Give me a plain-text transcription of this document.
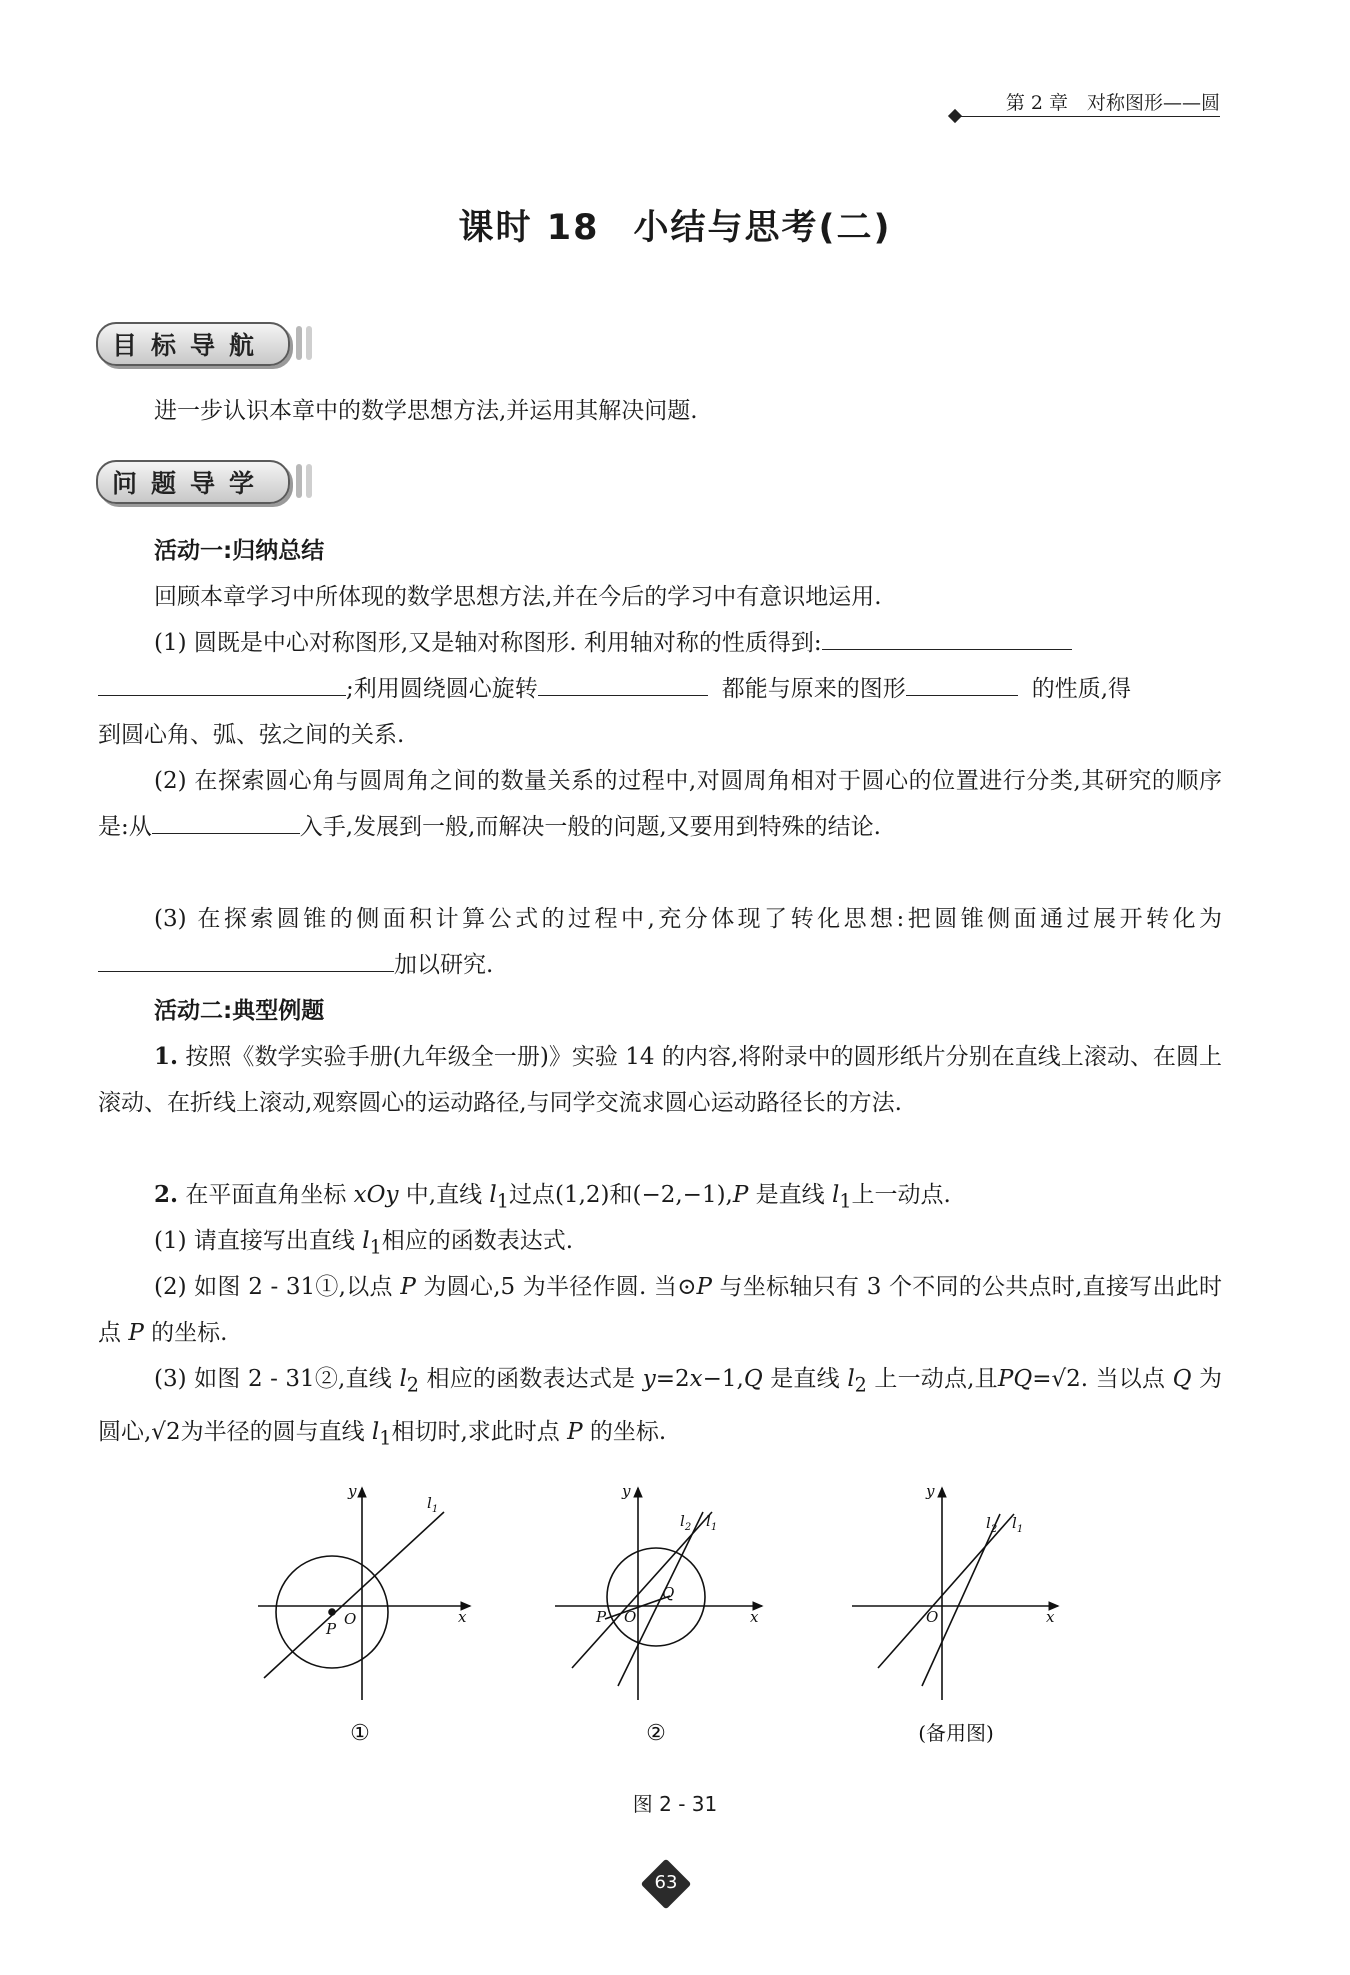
第 2 章　对称图形——圆
课时 18 小结与思考(二)
目标导航
进一步认识本章中的数学思想方法,并运用其解决问题.
问题导学
活动一:归纳总结
回顾本章学习中所体现的数学思想方法,并在今后的学习中有意识地运用.
(1) 圆既是中心对称图形,又是轴对称图形. 利用轴对称的性质得到:
;利用圆绕圆心旋转	都能与原来的图形	的性质,得
到圆心角、弧、弦之间的关系.
(2) 在探索圆心角与圆周角之间的数量关系的过程中,对圆周角相对于圆心的位置进行分类,其研究的顺序是:从	入手,发展到一般,而解决一般的问题,又要用到特殊的结论.
(3) 在探索圆锥的侧面积计算公式的过程中,充分体现了转化思想:把圆锥侧面通过展开转化为加以研究.
活动二:典型例题
1. 按照《数学实验手册(九年级全一册)》实验 14 的内容,将附录中的圆形纸片分别在直线上滚动、在圆上滚动、在折线上滚动,观察圆心的运动路径,与同学交流求圆心运动路径长的方法.
2. 在平面直角坐标 xOy 中,直线 $l_1$过点(1,2)和(−2,−1),P 是直线 $l_1$上一动点.
(1) 请直接写出直线 $l_1$相应的函数表达式.
(2) 如图 2 - 31①,以点 P 为圆心,5 为半径作圆. 当⊙P 与坐标轴只有 3 个不同的公共点时,直接写出此时点 P 的坐标.
(3) 如图 2 - 31②,直线 $l_2$ 相应的函数表达式是 y=2x−1,Q 是直线 $l_2$ 上一动点,且PQ=√2. 当以点 Q 为圆心,√2为半径的圆与直线 $l_1$相切时,求此时点 P 的坐标.
x
y
O
P
$l_1$
x
y
O
P
Q
$l_2$ $l_1$
x
y
O
$l_2$ $l_1$
①	②	(备用图)
图 2 - 31
63
